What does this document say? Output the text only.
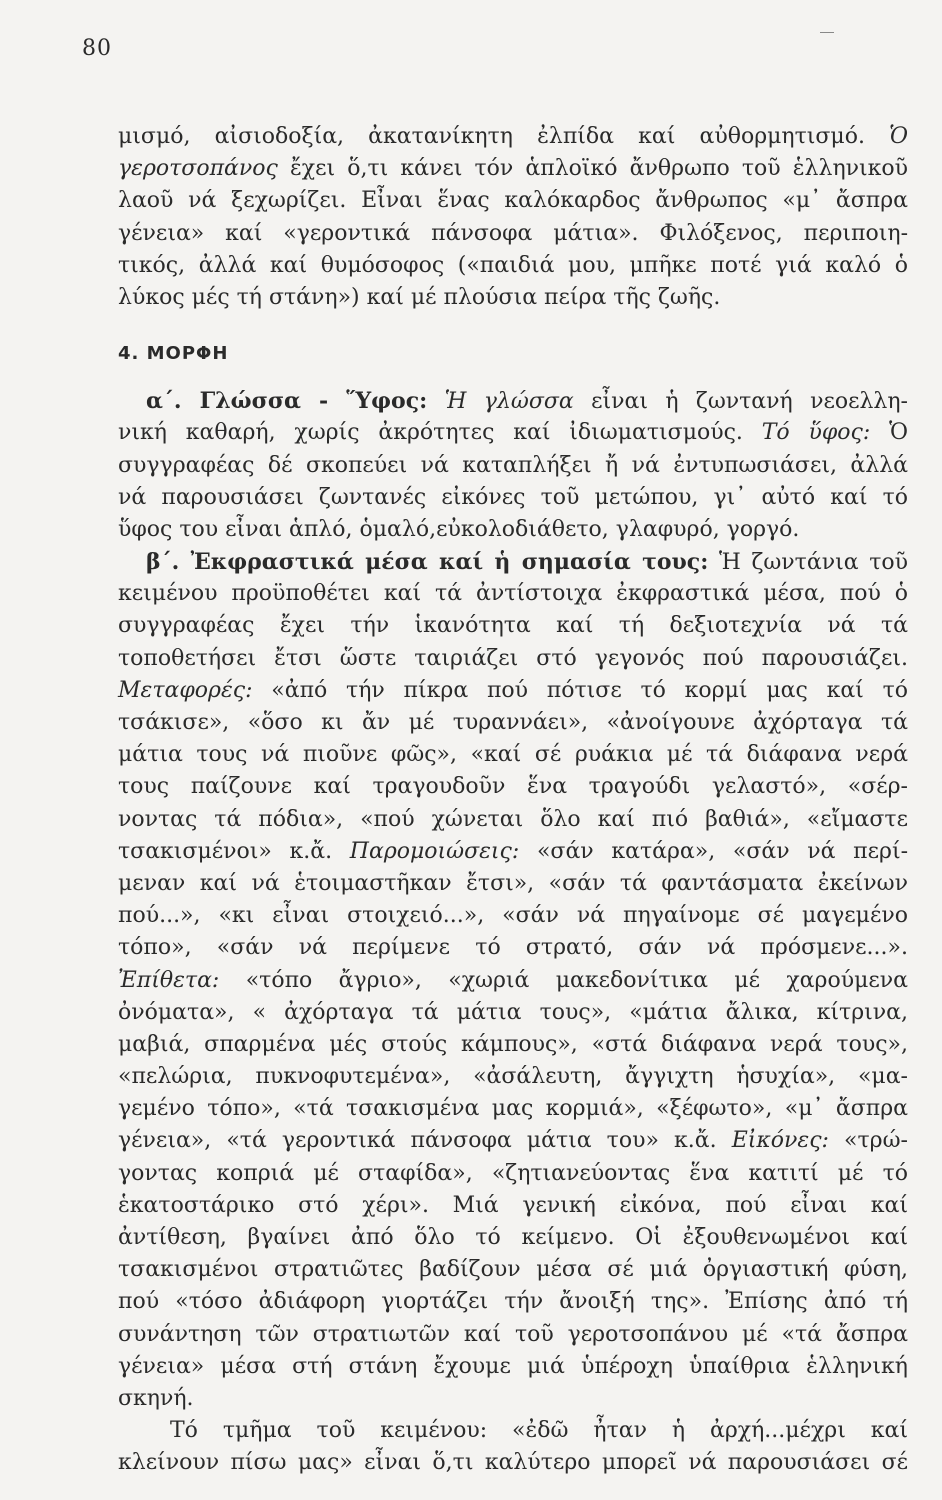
80
μισμό, αἰσιοδοξία, ἀκατανίκητη ἐλπίδα καί αὐθορμητισμό. Ὁ
γεροτσοπάνος ἔχει ὅ,τι κάνει τόν ἁπλοϊκό ἄνθρωπο τοῦ ἑλληνικοῦ
λαοῦ νά ξεχωρίζει. Εἶναι ἕνας καλόκαρδος ἄνθρωπος «μ᾽ ἄσπρα
γένεια» καί «γεροντικά πάνσοφα μάτια». Φιλόξενος, περιποιη-
τικός, ἀλλά καί θυμόσοφος («παιδιά μου, μπῆκε ποτέ γιά καλό ὁ
λύκος μές τή στάνη») καί μέ πλούσια πείρα τῆς ζωῆς.
4. ΜΟΡΦΗ
α΄. Γλώσσα - Ὕφος: Ἡ γλώσσα εἶναι ἡ ζωντανή νεοελλη-
νική καθαρή, χωρίς ἀκρότητες καί ἰδιωματισμούς. Τό ὕφος: Ὁ
συγγραφέας δέ σκοπεύει νά καταπλήξει ἤ νά ἐντυπωσιάσει, ἀλλά
νά παρουσιάσει ζωντανές εἰκόνες τοῦ μετώπου, γι᾽ αὐτό καί τό
ὕφος του εἶναι ἁπλό, ὁμαλό,εὐκολοδιάθετο, γλαφυρό, γοργό.
β΄. Ἐκφραστικά μέσα καί ἡ σημασία τους: Ἡ ζωντάνια τοῦ
κειμένου προϋποθέτει καί τά ἀντίστοιχα ἐκφραστικά μέσα, πού ὁ
συγγραφέας ἔχει τήν ἱκανότητα καί τή δεξιοτεχνία νά τά
τοποθετήσει ἔτσι ὥστε ταιριάζει στό γεγονός πού παρουσιάζει.
Μεταφορές: «ἀπό τήν πίκρα πού πότισε τό κορμί μας καί τό
τσάκισε», «ὅσο κι ἄν μέ τυραννάει», «ἀνοίγουνε ἀχόρταγα τά
μάτια τους νά πιοῦνε φῶς», «καί σέ ρυάκια μέ τά διάφανα νερά
τους παίζουνε καί τραγουδοῦν ἕνα τραγούδι γελαστό», «σέρ-
νοντας τά πόδια», «πού χώνεται ὅλο καί πιό βαθιά», «εἴμαστε
τσακισμένοι» κ.ἄ. Παρομοιώσεις: «σάν κατάρα», «σάν νά περί-
μεναν καί νά ἑτοιμαστῆκαν ἔτσι», «σάν τά φαντάσματα ἐκείνων
πού...», «κι εἶναι στοιχειό...», «σάν νά πηγαίνομε σέ μαγεμένο
τόπο», «σάν νά περίμενε τό στρατό, σάν νά πρόσμενε...».
Ἐπίθετα: «τόπο ἄγριο», «χωριά μακεδονίτικα μέ χαρούμενα
ὀνόματα», « ἀχόρταγα τά μάτια τους», «μάτια ἄλικα, κίτρινα,
μαβιά, σπαρμένα μές στούς κάμπους», «στά διάφανα νερά τους»,
«πελώρια, πυκνοφυτεμένα», «ἀσάλευτη, ἄγγιχτη ἡσυχία», «μα-
γεμένο τόπο», «τά τσακισμένα μας κορμιά», «ξέφωτο», «μ᾽ ἄσπρα
γένεια», «τά γεροντικά πάνσοφα μάτια του» κ.ἄ. Εἰκόνες: «τρώ-
γοντας κοπριά μέ σταφίδα», «ζητιανεύοντας ἕνα κατιτί μέ τό
ἑκατοστάρικο στό χέρι». Μιά γενική εἰκόνα, πού εἶναι καί
ἀντίθεση, βγαίνει ἀπό ὅλο τό κείμενο. Οἱ ἐξουθενωμένοι καί
τσακισμένοι στρατιῶτες βαδίζουν μέσα σέ μιά ὀργιαστική φύση,
πού «τόσο ἀδιάφορη γιορτάζει τήν ἄνοιξή της». Ἐπίσης ἀπό τή
συνάντηση τῶν στρατιωτῶν καί τοῦ γεροτσοπάνου μέ «τά ἄσπρα
γένεια» μέσα στή στάνη ἔχουμε μιά ὑπέροχη ὑπαίθρια ἑλληνική
σκηνή.
Τό τμῆμα τοῦ κειμένου: «ἐδῶ ἦταν ἡ ἀρχή...μέχρι καί
κλείνουν πίσω μας» εἶναι ὅ,τι καλύτερο μπορεῖ νά παρουσιάσει σέ
